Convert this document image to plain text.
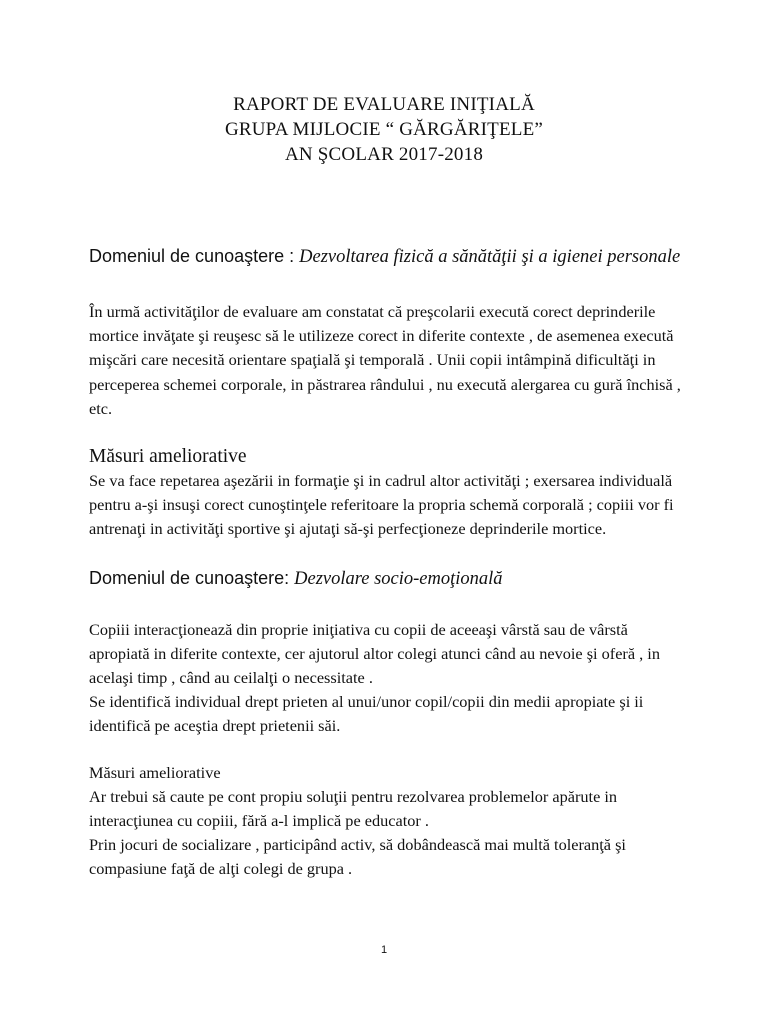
RAPORT DE EVALUARE INIŢIALĂ
GRUPA MIJLOCIE “ GĂRGĂRIŢELE”
AN ŞCOLAR 2017-2018
Domeniul de cunoaştere : Dezvoltarea fizică a sănătăţii şi a igienei personale

În urmă activităţilor de evaluare am constatat că preşcolarii execută corect deprinderile mortice invăţate şi reuşesc să le utilizeze corect in diferite contexte , de asemenea execută mişcări care necesită orientare spaţială şi temporală . Unii copii intâmpină dificultăţi in perceperea schemei corporale, in păstrarea rândului , nu execută alergarea cu gură închisă , etc.

Măsuri ameliorative

Se va face repetarea aşezării in formaţie şi in cadrul altor activităţi ; exersarea individuală pentru a-şi insuşi corect cunoştinţele referitoare la propria schemă corporală ; copiii vor fi antrenaţi in activităţi sportive şi ajutaţi să-şi perfecţioneze deprinderile mortice.

Domeniul de cunoaştere: Dezvolare socio-emoţională

Copiii interacţionează din proprie iniţiativa cu copii de aceeaşi vârstă sau de vârstă apropiată in diferite contexte, cer ajutorul altor colegi atunci când au nevoie şi oferă , in acelaşi timp , când au ceilalţi o necessitate .

Se identifică individual drept prieten al unui/unor copil/copii din medii apropiate şi ii identifică pe aceştia drept prietenii săi.

Măsuri ameliorative

Ar trebui să caute pe cont propiu soluţii pentru rezolvarea problemelor apărute in interacţiunea cu copiii, fără a-l implică pe educator .

Prin jocuri de socializare , participând activ, să dobândească mai multă toleranţă şi compasiune faţă de alţi colegi de grupa .

1
